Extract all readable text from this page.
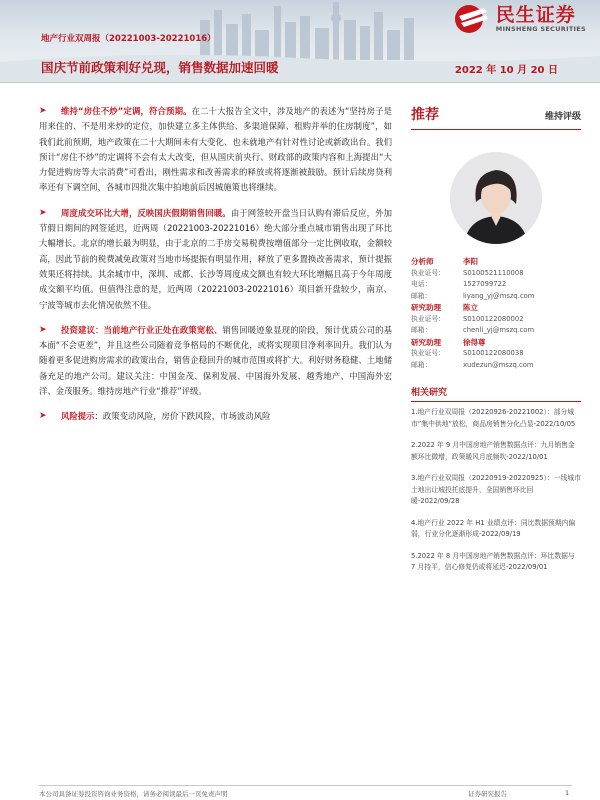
民生证券
MINSHENG SECURITIES
地产行业双周报（20221003-20221016）
国庆节前政策利好兑现，销售数据加速回暖	2022 年 10 月 20 日
➤	维持“房住不炒”定调，符合预期。在二十大报告全文中，涉及地产的表述为“坚持房子是用来住的、不是用来炒的定位，加快建立多主体供给、多渠道保障、租购并举的住房制度”，如我们此前预期，地产政策在二十大期间未有大变化、也未就地产有针对性讨论或新政出台。我们预计“房住不炒”的定调将不会有太大改变，但从国庆前央行、财政部的政策内容和上海提出“大力促进购房等大宗消费”可看出，刚性需求和改善需求的释放或将逐渐被鼓励。预计后续房贷利率还有下调空间，各城市四批次集中拍地前后因城施策也将继续。
➤	周度成交环比大增，反映国庆假期销售回暖。由于网签较开盘当日认购有滞后反应，外加节假日期间的网签延迟，近两周（20221003-20221016）绝大部分重点城市销售出现了环比大幅增长。北京的增长最为明显，由于北京的二手房交易税费按增值部分一定比例收取，金额较高，因此节前的税费减免政策对当地市场提振有明显作用，释放了更多置换改善需求，预计提振效果还将持续。其余城市中，深圳、成都、长沙等周度成交额也有较大环比增幅且高于今年周度成交额平均值。但值得注意的是，近两周（20221003-20221016）项目新开盘较少，南京、宁波等城市去化情况依然不佳。
➤	投资建议：当前地产行业正处在政策宽松、销售回暖迹象显现的阶段，预计优质公司的基本面“不会更差”，并且这些公司随着竞争格局的不断优化，或将实现项目净利率回升。我们认为随着更多促进购房需求的政策出台，销售企稳回升的城市范围或将扩大。利好财务稳健、土地储备充足的地产公司。建议关注：中国金茂、保利发展、中国海外发展、越秀地产、中国海外宏洋、金茂服务。维持房地产行业“推荐”评级。
➤	风险提示：政策变动风险，房价下跌风险，市场波动风险
推荐	维持评级
分析师	李阳
执业证号：	S0100521110008
电话：	1527099722
邮箱：	liyang_yj@mszq.com
研究助理	陈立
执业证号：	S0100122080002
邮箱：	chenli_yj@mszq.com
研究助理	徐得尊
执业证号：	S0100122080038
邮箱：	xudezun@mszq.com
相关研究
1.地产行业双周报（20220926-20221002）：部分城市“集中供地”放松，商品房销售分化凸显-2022/10/05
2.2022 年 9 月中国房地产销售数据点评：九月销售金额环比微增，政策暖风月底频吹-2022/10/01
3.地产行业双周报（20220919-20220925）：一线城市土地出让城投托底提升，全国销售环比回暖-2022/09/28
4.地产行业 2022 年 H1 业绩点评：同比数据预期内偏弱，行业分化逐渐形成-2022/09/19
5.2022 年 8 月中国房地产销售数据点评：环比数据与 7 月持平，信心修复仍或将延迟-2022/09/01
本公司具备证券投资咨询业务资格，请务必阅读最后一页免责声明	证券研究报告	1
